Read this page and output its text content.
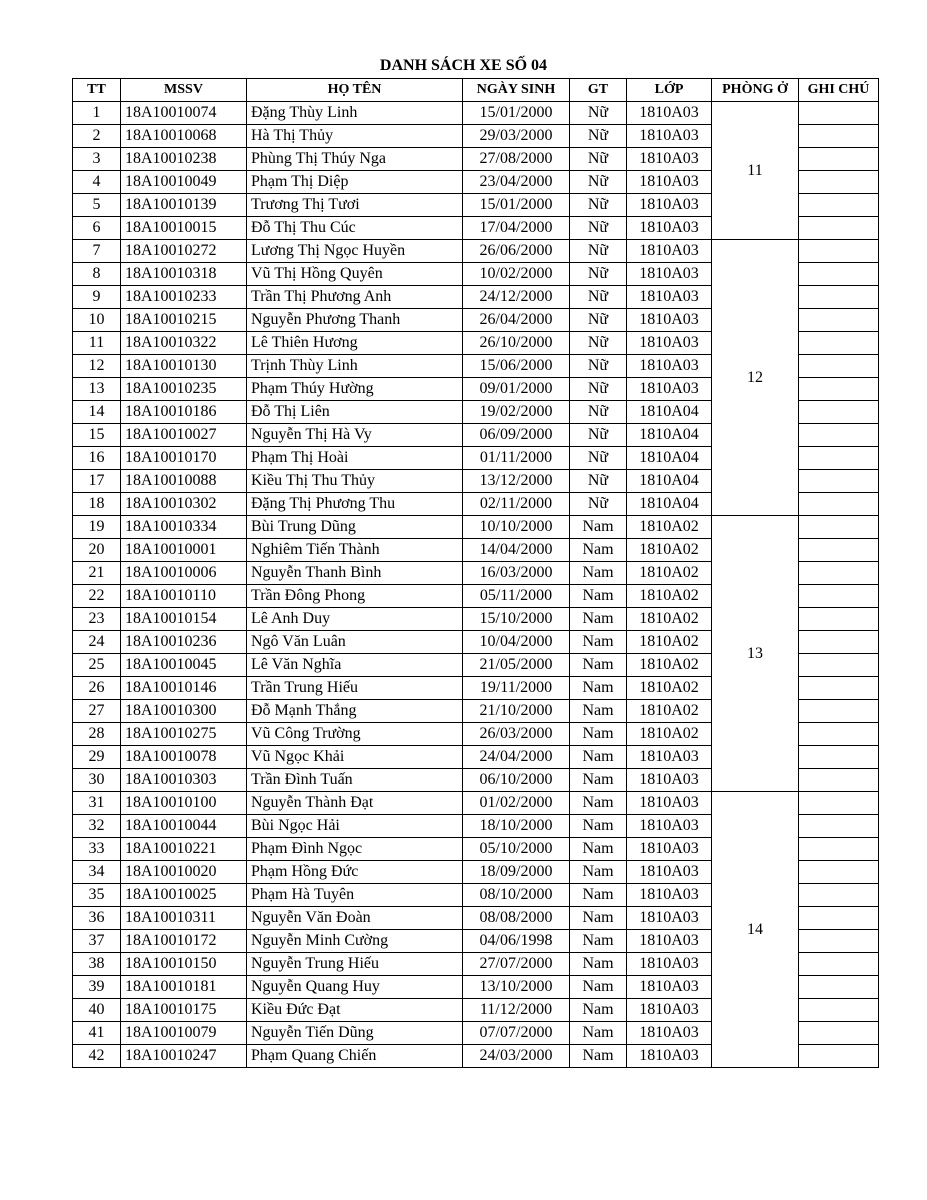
DANH SÁCH XE SỐ 04
TT	MSSV	HỌ TÊN	NGÀY SINH	GT	LỚP	PHÒNG Ở	GHI CHÚ
1	18A10010074	Đặng Thùy Linh	15/01/2000	Nữ	1810A03	11	
2	18A10010068	Hà Thị Thủy	29/03/2000	Nữ	1810A03		
3	18A10010238	Phùng Thị Thúy Nga	27/08/2000	Nữ	1810A03		
4	18A10010049	Phạm Thị Diệp	23/04/2000	Nữ	1810A03		
5	18A10010139	Trương Thị Tươi	15/01/2000	Nữ	1810A03		
6	18A10010015	Đỗ Thị Thu Cúc	17/04/2000	Nữ	1810A03		
7	18A10010272	Lương Thị Ngọc Huyền	26/06/2000	Nữ	1810A03	12	
8	18A10010318	Vũ Thị Hồng Quyên	10/02/2000	Nữ	1810A03		
9	18A10010233	Trần Thị Phương Anh	24/12/2000	Nữ	1810A03		
10	18A10010215	Nguyễn Phương Thanh	26/04/2000	Nữ	1810A03		
11	18A10010322	Lê Thiên Hương	26/10/2000	Nữ	1810A03		
12	18A10010130	Trịnh Thùy Linh	15/06/2000	Nữ	1810A03		
13	18A10010235	Phạm Thúy Hường	09/01/2000	Nữ	1810A03		
14	18A10010186	Đỗ Thị Liên	19/02/2000	Nữ	1810A04		
15	18A10010027	Nguyễn Thị Hà Vy	06/09/2000	Nữ	1810A04		
16	18A10010170	Phạm Thị Hoài	01/11/2000	Nữ	1810A04		
17	18A10010088	Kiều Thị Thu Thủy	13/12/2000	Nữ	1810A04		
18	18A10010302	Đặng Thị Phương Thu	02/11/2000	Nữ	1810A04		
19	18A10010334	Bùi Trung Dũng	10/10/2000	Nam	1810A02	13	
20	18A10010001	Nghiêm Tiến Thành	14/04/2000	Nam	1810A02		
21	18A10010006	Nguyễn Thanh Bình	16/03/2000	Nam	1810A02		
22	18A10010110	Trần Đông Phong	05/11/2000	Nam	1810A02		
23	18A10010154	Lê Anh Duy	15/10/2000	Nam	1810A02		
24	18A10010236	Ngô Văn Luân	10/04/2000	Nam	1810A02		
25	18A10010045	Lê Văn Nghĩa	21/05/2000	Nam	1810A02		
26	18A10010146	Trần Trung Hiếu	19/11/2000	Nam	1810A02		
27	18A10010300	Đỗ Mạnh Thắng	21/10/2000	Nam	1810A02		
28	18A10010275	Vũ Công Trường	26/03/2000	Nam	1810A02		
29	18A10010078	Vũ Ngọc Khải	24/04/2000	Nam	1810A03		
30	18A10010303	Trần Đình Tuấn	06/10/2000	Nam	1810A03		
31	18A10010100	Nguyễn Thành Đạt	01/02/2000	Nam	1810A03	14	
32	18A10010044	Bùi Ngọc Hải	18/10/2000	Nam	1810A03		
33	18A10010221	Phạm Đình Ngọc	05/10/2000	Nam	1810A03		
34	18A10010020	Phạm Hồng Đức	18/09/2000	Nam	1810A03		
35	18A10010025	Phạm Hà Tuyên	08/10/2000	Nam	1810A03		
36	18A10010311	Nguyễn Văn Đoàn	08/08/2000	Nam	1810A03		
37	18A10010172	Nguyễn Minh Cường	04/06/1998	Nam	1810A03		
38	18A10010150	Nguyễn Trung Hiếu	27/07/2000	Nam	1810A03		
39	18A10010181	Nguyễn Quang Huy	13/10/2000	Nam	1810A03		
40	18A10010175	Kiều Đức Đạt	11/12/2000	Nam	1810A03		
41	18A10010079	Nguyễn Tiến Dũng	07/07/2000	Nam	1810A03		
42	18A10010247	Phạm Quang Chiến	24/03/2000	Nam	1810A03		
